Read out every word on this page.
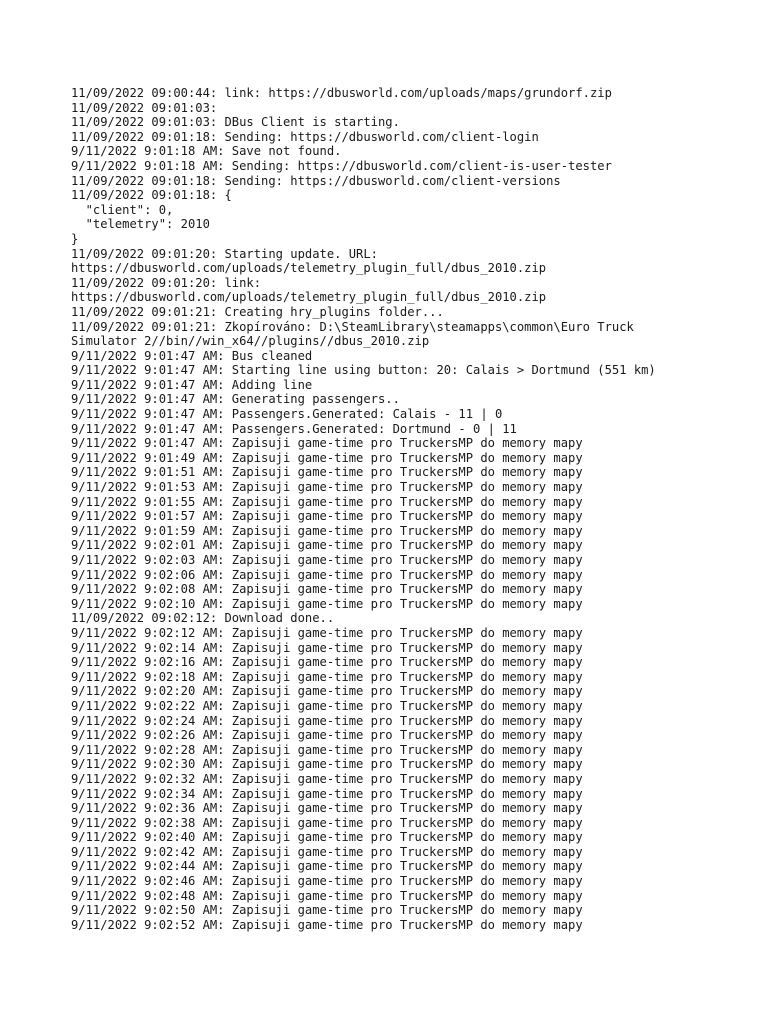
11/09/2022 09:00:44: link: https://dbusworld.com/uploads/maps/grundorf.zip
11/09/2022 09:01:03:
11/09/2022 09:01:03: DBus Client is starting.
11/09/2022 09:01:18: Sending: https://dbusworld.com/client-login
9/11/2022 9:01:18 AM: Save not found.
9/11/2022 9:01:18 AM: Sending: https://dbusworld.com/client-is-user-tester
11/09/2022 09:01:18: Sending: https://dbusworld.com/client-versions
11/09/2022 09:01:18: {
"client": 0,
"telemetry": 2010
}
11/09/2022 09:01:20: Starting update. URL:
https://dbusworld.com/uploads/telemetry_plugin_full/dbus_2010.zip
11/09/2022 09:01:20: link:
https://dbusworld.com/uploads/telemetry_plugin_full/dbus_2010.zip
11/09/2022 09:01:21: Creating hry_plugins folder...
11/09/2022 09:01:21: Zkopírováno: D:\SteamLibrary\steamapps\common\Euro Truck
Simulator 2//bin//win_x64//plugins//dbus_2010.zip
9/11/2022 9:01:47 AM: Bus cleaned
9/11/2022 9:01:47 AM: Starting line using button: 20: Calais > Dortmund (551 km)
9/11/2022 9:01:47 AM: Adding line
9/11/2022 9:01:47 AM: Generating passengers..
9/11/2022 9:01:47 AM: Passengers.Generated: Calais - 11 | 0
9/11/2022 9:01:47 AM: Passengers.Generated: Dortmund - 0 | 11
9/11/2022 9:01:47 AM: Zapisuji game-time pro TruckersMP do memory mapy
9/11/2022 9:01:49 AM: Zapisuji game-time pro TruckersMP do memory mapy
9/11/2022 9:01:51 AM: Zapisuji game-time pro TruckersMP do memory mapy
9/11/2022 9:01:53 AM: Zapisuji game-time pro TruckersMP do memory mapy
9/11/2022 9:01:55 AM: Zapisuji game-time pro TruckersMP do memory mapy
9/11/2022 9:01:57 AM: Zapisuji game-time pro TruckersMP do memory mapy
9/11/2022 9:01:59 AM: Zapisuji game-time pro TruckersMP do memory mapy
9/11/2022 9:02:01 AM: Zapisuji game-time pro TruckersMP do memory mapy
9/11/2022 9:02:03 AM: Zapisuji game-time pro TruckersMP do memory mapy
9/11/2022 9:02:06 AM: Zapisuji game-time pro TruckersMP do memory mapy
9/11/2022 9:02:08 AM: Zapisuji game-time pro TruckersMP do memory mapy
9/11/2022 9:02:10 AM: Zapisuji game-time pro TruckersMP do memory mapy
11/09/2022 09:02:12: Download done..
9/11/2022 9:02:12 AM: Zapisuji game-time pro TruckersMP do memory mapy
9/11/2022 9:02:14 AM: Zapisuji game-time pro TruckersMP do memory mapy
9/11/2022 9:02:16 AM: Zapisuji game-time pro TruckersMP do memory mapy
9/11/2022 9:02:18 AM: Zapisuji game-time pro TruckersMP do memory mapy
9/11/2022 9:02:20 AM: Zapisuji game-time pro TruckersMP do memory mapy
9/11/2022 9:02:22 AM: Zapisuji game-time pro TruckersMP do memory mapy
9/11/2022 9:02:24 AM: Zapisuji game-time pro TruckersMP do memory mapy
9/11/2022 9:02:26 AM: Zapisuji game-time pro TruckersMP do memory mapy
9/11/2022 9:02:28 AM: Zapisuji game-time pro TruckersMP do memory mapy
9/11/2022 9:02:30 AM: Zapisuji game-time pro TruckersMP do memory mapy
9/11/2022 9:02:32 AM: Zapisuji game-time pro TruckersMP do memory mapy
9/11/2022 9:02:34 AM: Zapisuji game-time pro TruckersMP do memory mapy
9/11/2022 9:02:36 AM: Zapisuji game-time pro TruckersMP do memory mapy
9/11/2022 9:02:38 AM: Zapisuji game-time pro TruckersMP do memory mapy
9/11/2022 9:02:40 AM: Zapisuji game-time pro TruckersMP do memory mapy
9/11/2022 9:02:42 AM: Zapisuji game-time pro TruckersMP do memory mapy
9/11/2022 9:02:44 AM: Zapisuji game-time pro TruckersMP do memory mapy
9/11/2022 9:02:46 AM: Zapisuji game-time pro TruckersMP do memory mapy
9/11/2022 9:02:48 AM: Zapisuji game-time pro TruckersMP do memory mapy
9/11/2022 9:02:50 AM: Zapisuji game-time pro TruckersMP do memory mapy
9/11/2022 9:02:52 AM: Zapisuji game-time pro TruckersMP do memory mapy
